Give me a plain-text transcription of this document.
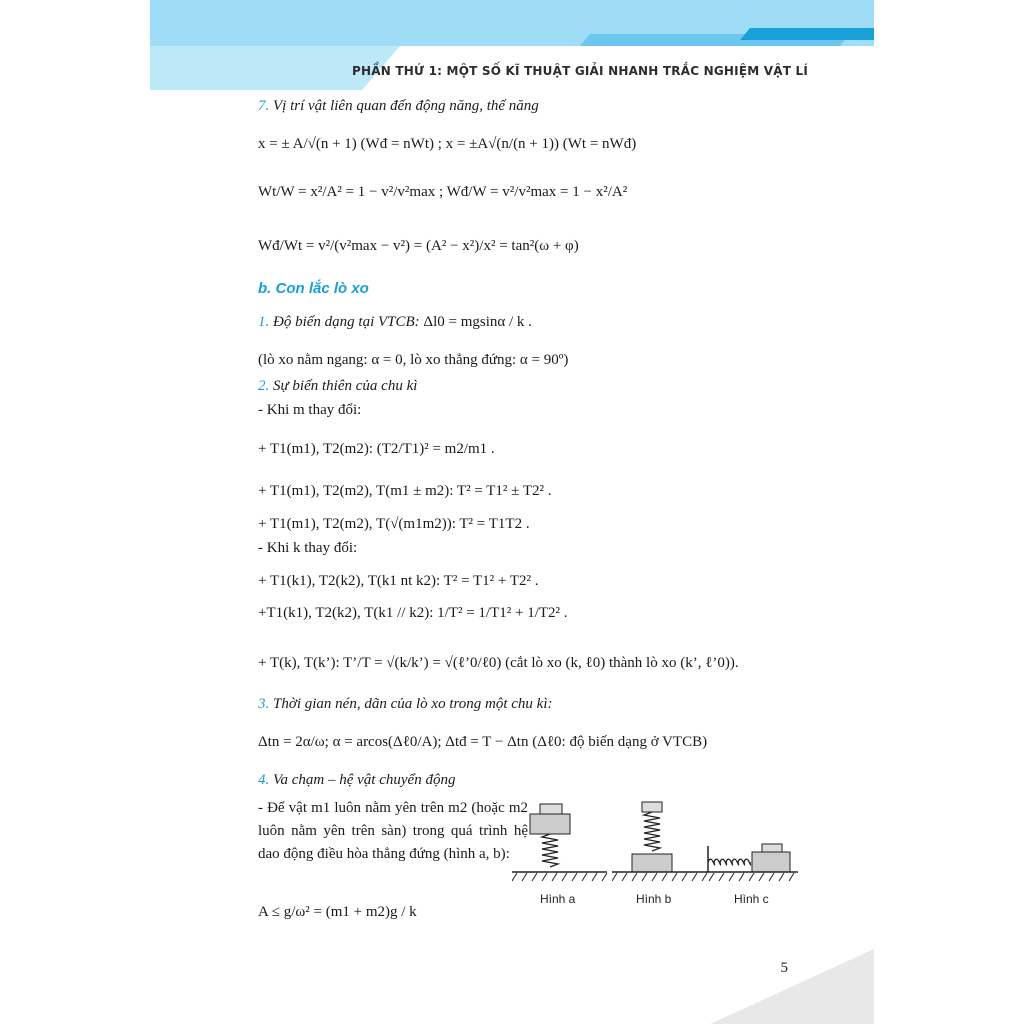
PHẦN THỨ 1: MỘT SỐ KĨ THUẬT GIẢI NHANH TRẮC NGHIỆM VẬT LÍ
5
7. Vị trí vật liên quan đến động năng, thế năng
x = ± A/√(n + 1) (Wđ = nWt) ; x = ±A√(n/(n + 1)) (Wt = nWđ)
Wt/W = x²/A² = 1 − v²/v²max ; Wđ/W = v²/v²max = 1 − x²/A²
Wđ/Wt = v²/(v²max − v²) = (A² − x²)/x² = tan²(ω + φ)
b. Con lắc lò xo
1. Độ biến dạng tại VTCB: Δl0 = mgsinα / k .
(lò xo nằm ngang: α = 0, lò xo thẳng đứng: α = 90º)
2. Sự biến thiên của chu kì
- Khi m thay đổi:
+ T1(m1), T2(m2): (T2/T1)² = m2/m1 .
+ T1(m1), T2(m2), T(m1 ± m2): T² = T1² ± T2² .
+ T1(m1), T2(m2), T(√(m1m2)): T² = T1T2 .
- Khi k thay đổi:
+ T1(k1), T2(k2), T(k1 nt k2): T² = T1² + T2² .
+T1(k1), T2(k2), T(k1 // k2): 1/T² = 1/T1² + 1/T2² .
+ T(k), T(k’): T’/T = √(k/k’) = √(ℓ’0/ℓ0) (cắt lò xo (k, ℓ0) thành lò xo (k’, ℓ’0)).
3. Thời gian nén, dãn của lò xo trong một chu kì:
Δtn = 2α/ω; α = arcos(Δℓ0/A); Δtđ = T − Δtn (Δℓ0: độ biến dạng ở VTCB)
4. Va chạm – hệ vật chuyển động
- Để vật m1 luôn nằm yên trên m2 (hoặc m2 luôn nằm yên trên sàn) trong quá trình hệ dao động điều hòa thẳng đứng (hình a, b):
A ≤ g/ω² = (m1 + m2)g / k
Hình a	Hình b	Hình c
